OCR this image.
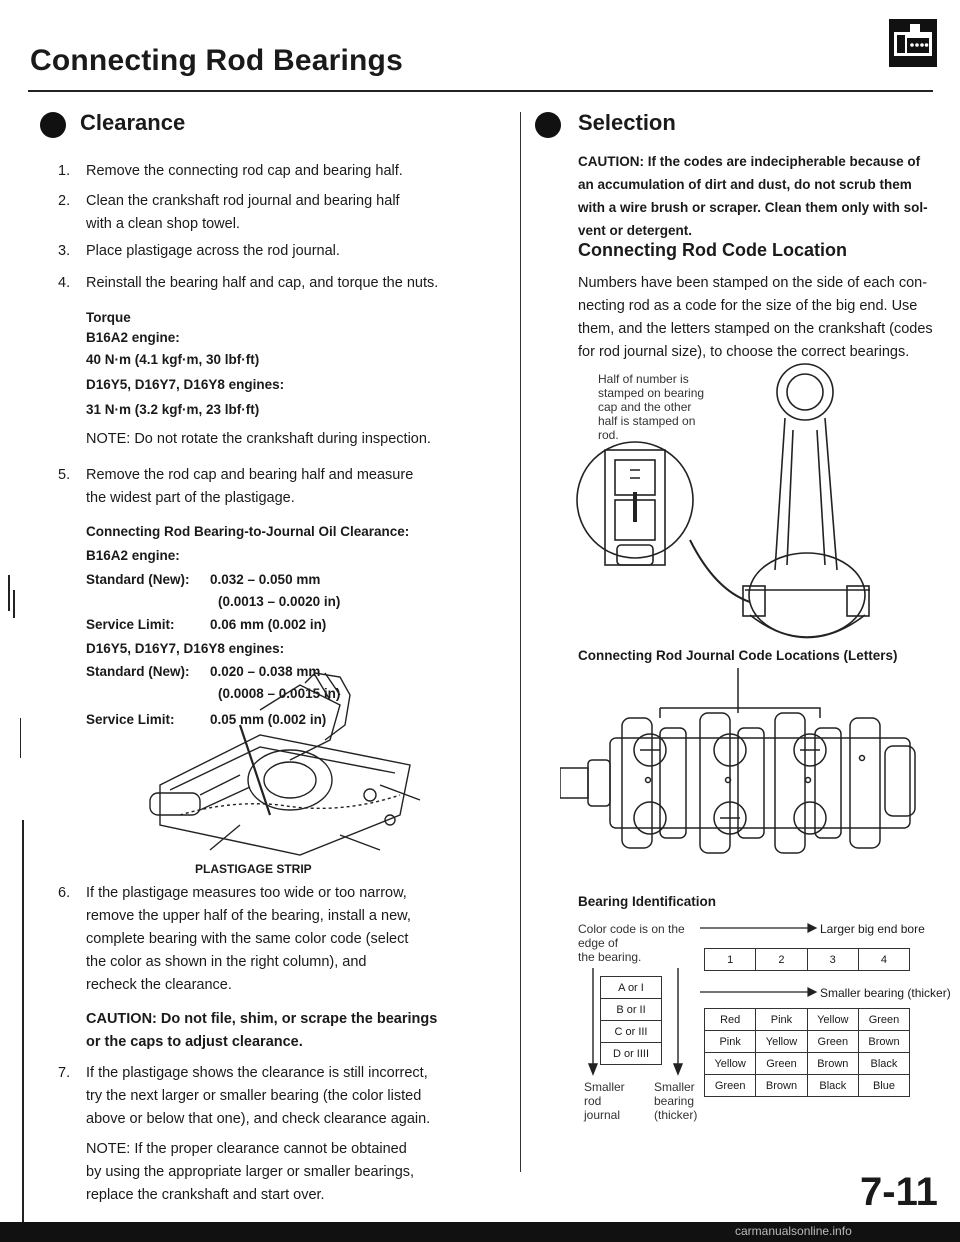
Connecting Rod Bearings
Clearance
1. Remove the connecting rod cap and bearing half.
2. Clean the crankshaft rod journal and bearing half
with a clean shop towel.
3. Place plastigage across the rod journal.
4. Reinstall the bearing half and cap, and torque the nuts.
Torque
B16A2 engine:
40 N·m (4.1 kgf·m, 30 lbf·ft)
D16Y5, D16Y7, D16Y8 engines:
31 N·m (3.2 kgf·m, 23 lbf·ft)
NOTE: Do not rotate the crankshaft during inspection.
5. Remove the rod cap and bearing half and measure
the widest part of the plastigage.
Connecting Rod Bearing-to-Journal Oil Clearance:
B16A2 engine:
Standard (New): 0.032 – 0.050 mm
(0.0013 – 0.0020 in)
Service Limit:	0.06 mm (0.002 in)
D16Y5, D16Y7, D16Y8 engines:
Standard (New): 0.020 – 0.038 mm
(0.0008 – 0.0015 in)
Service Limit:	0.05 mm (0.002 in)
PLASTIGAGE STRIP
6. If the plastigage measures too wide or too narrow,
remove the upper half of the bearing, install a new,
complete bearing with the same color code (select
the color as shown in the right column), and
recheck the clearance.
CAUTION: Do not file, shim, or scrape the bearings
or the caps to adjust clearance.
7. If the plastigage shows the clearance is still incorrect,
try the next larger or smaller bearing (the color listed
above or below that one), and check clearance again.
NOTE: If the proper clearance cannot be obtained
by using the appropriate larger or smaller bearings,
replace the crankshaft and start over.
Selection
CAUTION: If the codes are indecipherable because of
an accumulation of dirt and dust, do not scrub them
with a wire brush or scraper. Clean them only with sol-
vent or detergent.
Connecting Rod Code Location
Numbers have been stamped on the side of each con-
necting rod as a code for the size of the big end. Use
them, and the letters stamped on the crankshaft (codes
for rod journal size), to choose the correct bearings.
Half of number is
stamped on bearing
cap and the other
half is stamped on
rod.
Connecting Rod Journal Code Locations (Letters)
Bearing Identification
Color code is on the
edge of
the bearing.
Larger big end bore
Smaller bearing (thicker)
1	2	3	4
A or I
B or II
C or III
D or IIII
Red	Pink	Yellow	Green
Pink	Yellow	Green	Brown
Yellow	Green	Brown	Black
Green	Brown	Black	Blue
Smaller
rod
journal
Smaller
bearing
(thicker)
7-11
carmanualsonline.info
